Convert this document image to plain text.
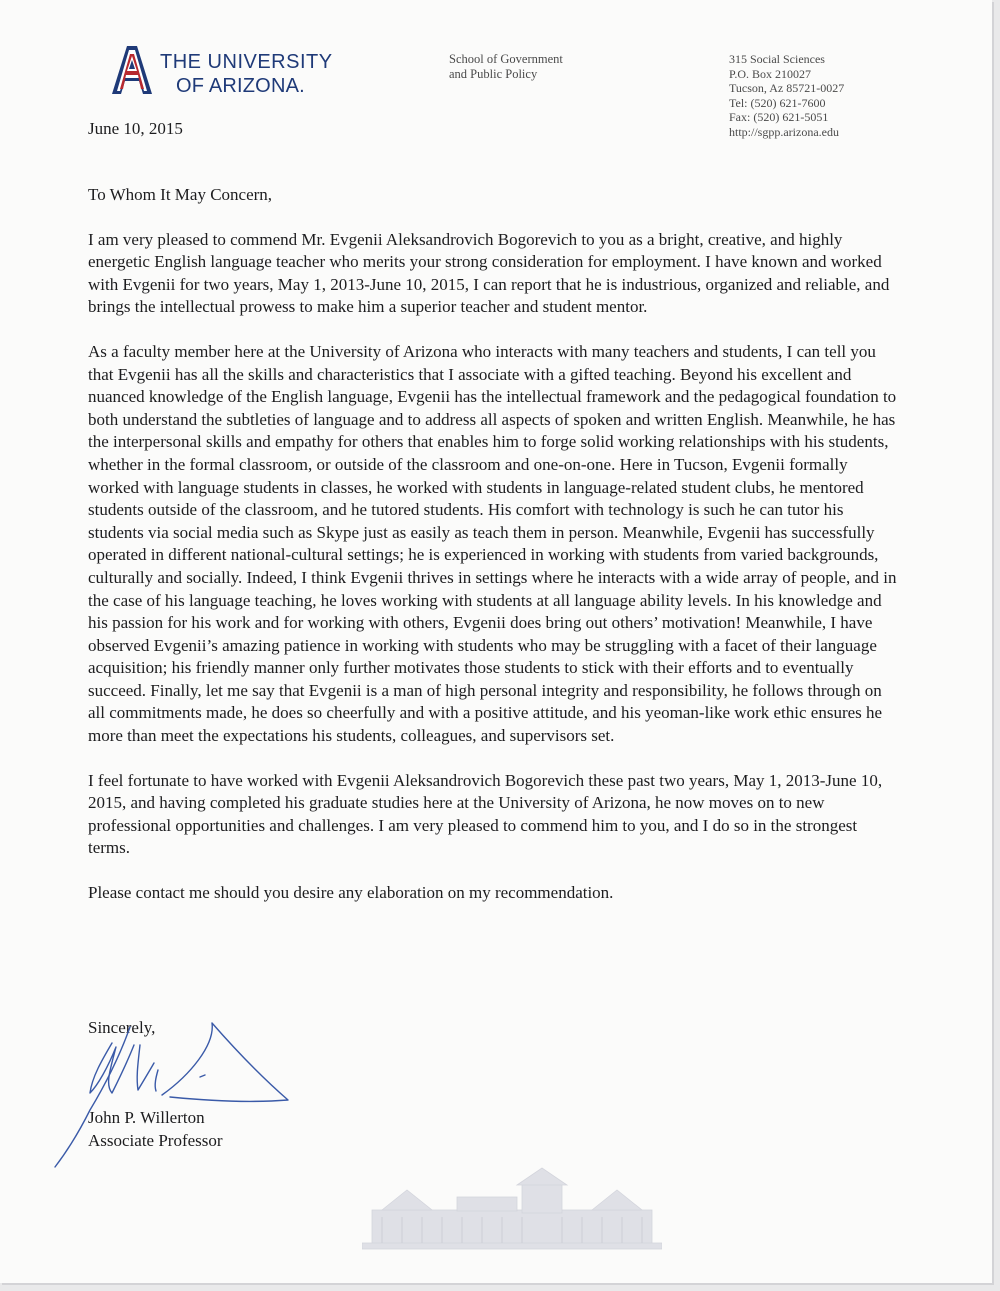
THE UNIVERSITY
OF ARIZONA.
School of Government
and Public Policy
315 Social Sciences
P.O. Box 210027
Tucson, Az 85721-0027
Tel: (520) 621-7600
Fax: (520) 621-5051
http://sgpp.arizona.edu
June 10, 2015

To Whom It May Concern,

I am very pleased to commend Mr. Evgenii Aleksandrovich Bogorevich to you as a bright, creative, and highly energetic English language teacher who merits your strong consideration for employment. I have known and worked with Evgenii for two years, May 1, 2013-June 10, 2015, I can report that he is industrious, organized and reliable, and brings the intellectual prowess to make him a superior teacher and student mentor.

As a faculty member here at the University of Arizona who interacts with many teachers and students, I can tell you that Evgenii has all the skills and characteristics that I associate with a gifted teaching. Beyond his excellent and nuanced knowledge of the English language, Evgenii has the intellectual framework and the pedagogical foundation to both understand the subtleties of language and to address all aspects of spoken and written English. Meanwhile, he has the interpersonal skills and empathy for others that enables him to forge solid working relationships with his students, whether in the formal classroom, or outside of the classroom and one-on-one. Here in Tucson, Evgenii formally worked with language students in classes, he worked with students in language-related student clubs, he mentored students outside of the classroom, and he tutored students. His comfort with technology is such he can tutor his students via social media such as Skype just as easily as teach them in person. Meanwhile, Evgenii has successfully operated in different national-cultural settings; he is experienced in working with students from varied backgrounds, culturally and socially. Indeed, I think Evgenii thrives in settings where he interacts with a wide array of people, and in the case of his language teaching, he loves working with students at all language ability levels. In his knowledge and his passion for his work and for working with others, Evgenii does bring out others’ motivation! Meanwhile, I have observed Evgenii’s amazing patience in working with students who may be struggling with a facet of their language acquisition; his friendly manner only further motivates those students to stick with their efforts and to eventually succeed. Finally, let me say that Evgenii is a man of high personal integrity and responsibility, he follows through on all commitments made, he does so cheerfully and with a positive attitude, and his yeoman-like work ethic ensures he more than meet the expectations his students, colleagues, and supervisors set.

I feel fortunate to have worked with Evgenii Aleksandrovich Bogorevich these past two years, May 1, 2013-June 10, 2015, and having completed his graduate studies here at the University of Arizona, he now moves on to new professional opportunities and challenges. I am very pleased to commend him to you, and I do so in the strongest terms.

Please contact me should you desire any elaboration on my recommendation.

Sincerely,
John P. Willerton
Associate Professor
